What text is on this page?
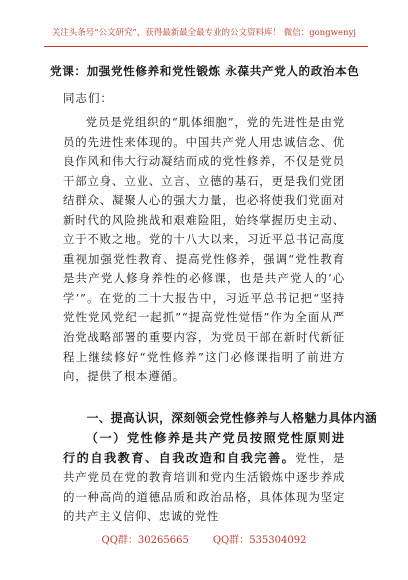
关注头条号“公文研究”，获得最新最全最专业的公文资料库！ 微信：gongwenyj
党课：加强党性修养和党性锻炼 永葆共产党人的政治本色
同志们：

党员是党组织的“肌体细胞”，党的先进性是由党员的先进性来体现的。中国共产党人用忠诚信念、优良作风和伟大行动凝结而成的党性修养，不仅是党员干部立身、立业、立言、立德的基石，更是我们党团结群众、凝聚人心的强大力量，也必将使我们党面对新时代的风险挑战和艰难险阻，始终掌握历史主动、立于不败之地。党的十八大以来，习近平总书记高度重视加强党性教育、提高党性修养，强调“党性教育是共产党人修身养性的必修课，也是共产党人的‘心学’”。在党的二十大报告中，习近平总书记把“坚持党性党风党纪一起抓”“提高党性觉悟”作为全面从严治党战略部署的重要内容，为党员干部在新时代新征程上继续修好“党性修养”这门必修课指明了前进方向，提供了根本遵循。

一、提高认识，深刻领会党性修养与人格魅力具体内涵

（一）党性修养是共产党员按照党性原则进行的自我教育、自我改造和自我完善。党性，是共产党员在党的教育培训和党内生活锻炼中逐步养成的一种高尚的道德品质和政治品格，具体体现为坚定的共产主义信仰、忠诚的党性

QQ群：30265665 QQ群：535304092
